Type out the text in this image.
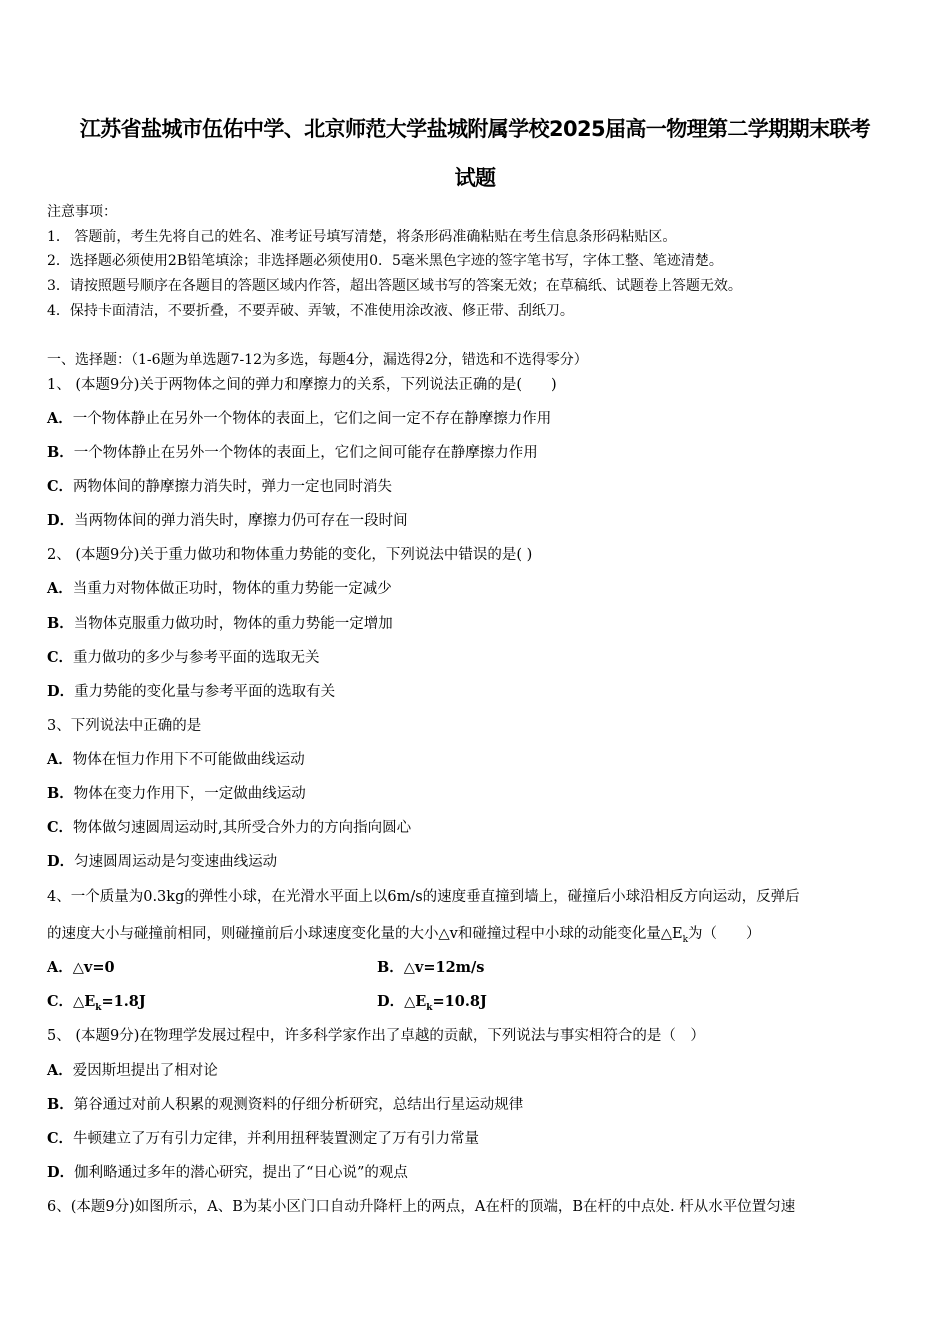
江苏省盐城市伍佑中学、北京师范大学盐城附属学校2025届高一物理第二学期期末联考
试题
注意事项：
1． 答题前，考生先将自己的姓名、准考证号填写清楚，将条形码准确粘贴在考生信息条形码粘贴区。
2．选择题必须使用2B铅笔填涂；非选择题必须使用0．5毫米黑色字迹的签字笔书写，字体工整、笔迹清楚。
3．请按照题号顺序在各题目的答题区域内作答，超出答题区域书写的答案无效；在草稿纸、试题卷上答题无效。
4．保持卡面清洁，不要折叠，不要弄破、弄皱，不准使用涂改液、修正带、刮纸刀。
一、选择题：（1-6题为单选题7-12为多选，每题4分，漏选得2分，错选和不选得零分）
1、 (本题9分)关于两物体之间的弹力和摩擦力的关系，下列说法正确的是(　　)
A．一个物体静止在另外一个物体的表面上，它们之间一定不存在静摩擦力作用
B．一个物体静止在另外一个物体的表面上，它们之间可能存在静摩擦力作用
C．两物体间的静摩擦力消失时，弹力一定也同时消失
D．当两物体间的弹力消失时，摩擦力仍可存在一段时间
2、 (本题9分)关于重力做功和物体重力势能的变化，下列说法中错误的是( )
A．当重力对物体做正功时，物体的重力势能一定减少
B．当物体克服重力做功时，物体的重力势能一定增加
C．重力做功的多少与参考平面的选取无关
D．重力势能的变化量与参考平面的选取有关
3、下列说法中正确的是
A．物体在恒力作用下不可能做曲线运动
B．物体在变力作用下，一定做曲线运动
C．物体做匀速圆周运动时,其所受合外力的方向指向圆心
D．匀速圆周运动是匀变速曲线运动
4、一个质量为0.3kg的弹性小球，在光滑水平面上以6m/s的速度垂直撞到墙上，碰撞后小球沿相反方向运动，反弹后
的速度大小与碰撞前相同，则碰撞前后小球速度变化量的大小△v和碰撞过程中小球的动能变化量$\triangle E_k$为（　　）
A．△v=0	B．△v=12m/s
C．$\triangle E_k=1.8J$	D．$\triangle E_k=10.8J$
5、 (本题9分)在物理学发展过程中，许多科学家作出了卓越的贡献，下列说法与事实相符合的是（　）
A．爱因斯坦提出了相对论
B．第谷通过对前人积累的观测资料的仔细分析研究，总结出行星运动规律
C．牛顿建立了万有引力定律，并利用扭秤装置测定了万有引力常量
D．伽利略通过多年的潜心研究，提出了“日心说”的观点
6、(本题9分)如图所示，A、B为某小区门口自动升降杆上的两点，A在杆的顶端，B在杆的中点处. 杆从水平位置匀速
